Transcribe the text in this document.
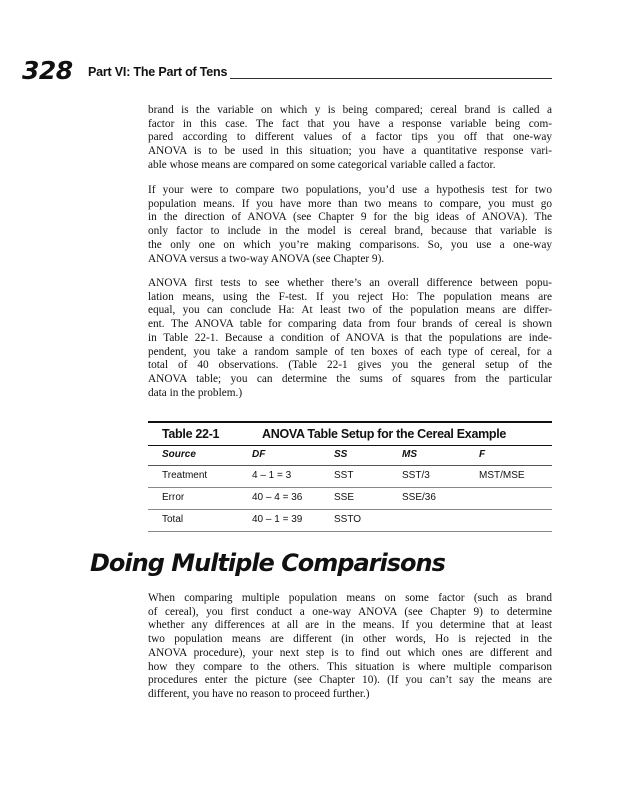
328 Part VI: The Part of Tens
brand is the variable on which y is being compared; cereal brand is called a
factor in this case. The fact that you have a response variable being com-
pared according to different values of a factor tips you off that one-way
ANOVA is to be used in this situation; you have a quantitative response vari-
able whose means are compared on some categorical variable called a factor.
If your were to compare two populations, you’d use a hypothesis test for two
population means. If you have more than two means to compare, you must go
in the direction of ANOVA (see Chapter 9 for the big ideas of ANOVA). The
only factor to include in the model is cereal brand, because that variable is
the only one on which you’re making comparisons. So, you use a one-way
ANOVA versus a two-way ANOVA (see Chapter 9).
ANOVA first tests to see whether there’s an overall difference between popu-
lation means, using the F-test. If you reject Ho: The population means are
equal, you can conclude Ha: At least two of the population means are differ-
ent. The ANOVA table for comparing data from four brands of cereal is shown
in Table 22-1. Because a condition of ANOVA is that the populations are inde-
pendent, you take a random sample of ten boxes of each type of cereal, for a
total of 40 observations. (Table 22-1 gives you the general setup of the
ANOVA table; you can determine the sums of squares from the particular
data in the problem.)
Table 22-1	ANOVA Table Setup for the Cereal Example
Source	DF	SS	MS	F
Treatment	4 – 1 = 3	SST	SST/3	MST/MSE
Error	40 – 4 = 36	SSE	SSE/36
Total	40 – 1 = 39	SSTO
Doing Multiple Comparisons
When comparing multiple population means on some factor (such as brand
of cereal), you first conduct a one-way ANOVA (see Chapter 9) to determine
whether any differences at all are in the means. If you determine that at least
two population means are different (in other words, Ho is rejected in the
ANOVA procedure), your next step is to find out which ones are different and
how they compare to the others. This situation is where multiple comparison
procedures enter the picture (see Chapter 10). (If you can’t say the means are
different, you have no reason to proceed further.)
